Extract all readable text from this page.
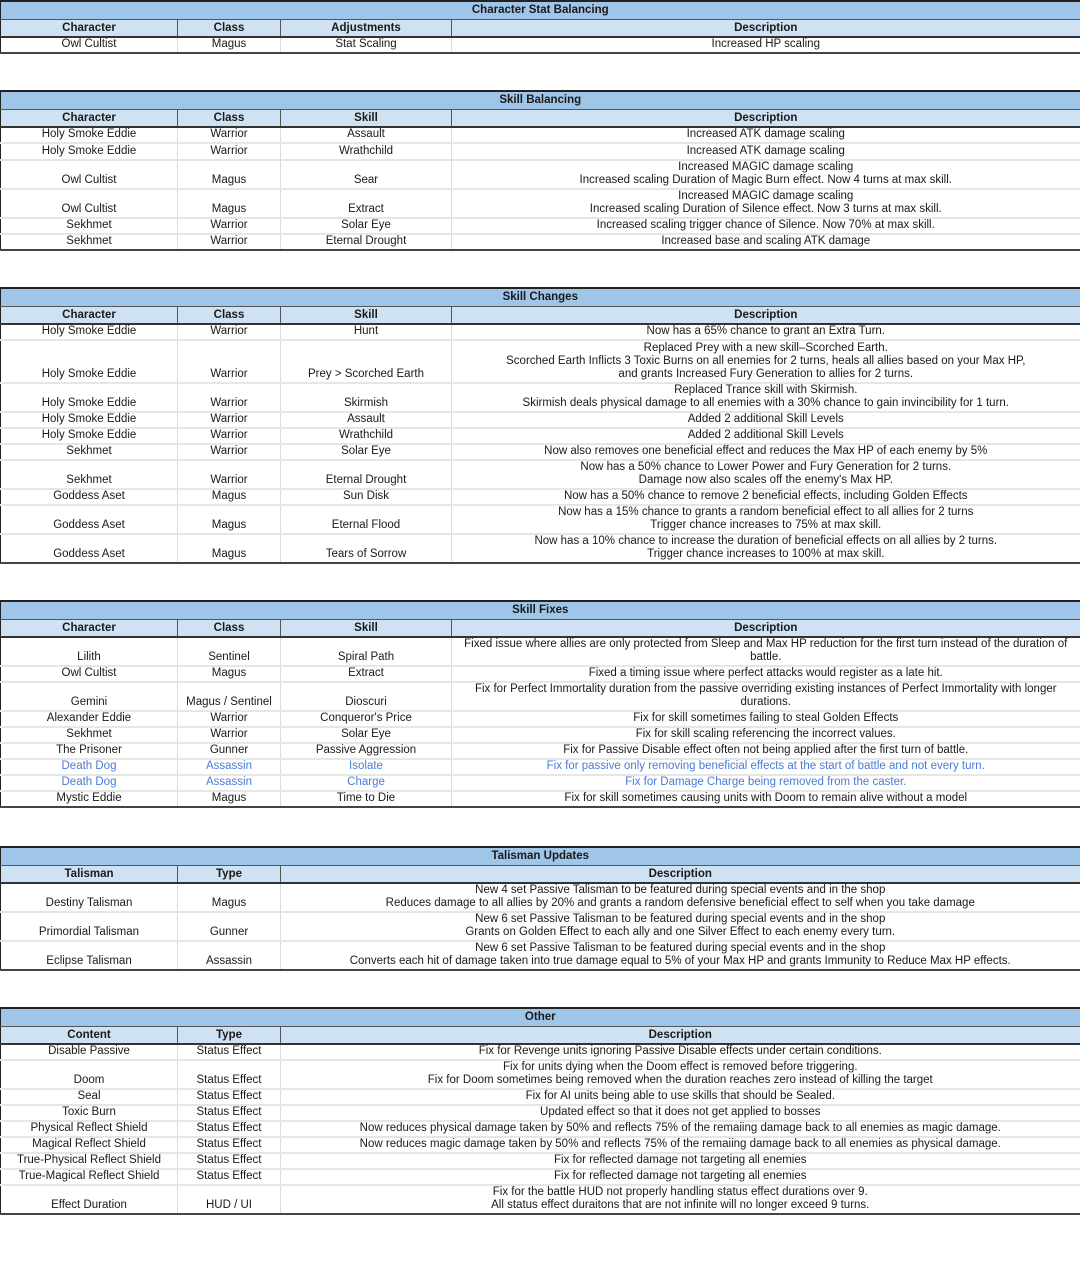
Character Stat Balancing			
Character	Class	Adjustments	Description
Owl Cultist	Magus	Stat Scaling	Increased HP scaling
Skill Balancing			
Character	Class	Skill	Description
Holy Smoke Eddie	Warrior	Assault	Increased ATK damage scaling

Holy Smoke Eddie	Warrior	Wrathchild	Increased ATK damage scaling

Owl Cultist	Magus	Sear	Increased MAGIC damage scaling
Increased scaling Duration of Magic Burn effect. Now 4 turns at max skill.

Owl Cultist	Magus	Extract	Increased MAGIC damage scaling
Increased scaling Duration of Silence effect. Now 3 turns at max skill.

Sekhmet	Warrior	Solar Eye	Increased scaling trigger chance of Silence. Now 70% at max skill.

Sekhmet	Warrior	Eternal Drought	Increased base and scaling ATK damage
Skill Changes			
Character	Class	Skill	Description
Holy Smoke Eddie	Warrior	Hunt	Now has a 65% chance to grant an Extra Turn.

Holy Smoke Eddie	Warrior	Prey > Scorched Earth	Replaced Prey with a new skill–Scorched Earth.
Scorched Earth Inflicts 3 Toxic Burns on all enemies for 2 turns, heals all allies based on your Max HP,
and grants Increased Fury Generation to allies for 2 turns.

Holy Smoke Eddie	Warrior	Skirmish	Replaced Trance skill with Skirmish.
Skirmish deals physical damage to all enemies with a 30% chance to gain invincibility for 1 turn.

Holy Smoke Eddie	Warrior	Assault	Added 2 additional Skill Levels

Holy Smoke Eddie	Warrior	Wrathchild	Added 2 additional Skill Levels

Sekhmet	Warrior	Solar Eye	Now also removes one beneficial effect and reduces the Max HP of each enemy by 5%

Sekhmet	Warrior	Eternal Drought	Now has a 50% chance to Lower Power and Fury Generation for 2 turns.
Damage now also scales off the enemy's Max HP.

Goddess Aset	Magus	Sun Disk	Now has a 50% chance to remove 2 beneficial effects, including Golden Effects

Goddess Aset	Magus	Eternal Flood	Now has a 15% chance to grants a random beneficial effect to all allies for 2 turns
Trigger chance increases to 75% at max skill.

Goddess Aset	Magus	Tears of Sorrow	Now has a 10% chance to increase the duration of beneficial effects on all allies by 2 turns.
Trigger chance increases to 100% at max skill.
Skill Fixes			
Character	Class	Skill	Description
Lilith	Sentinel	Spiral Path	Fixed issue where allies are only protected from Sleep and Max HP reduction for the first turn instead of the duration of battle.

Owl Cultist	Magus	Extract	Fixed a timing issue where perfect attacks would register as a late hit.

Gemini	Magus / Sentinel	Dioscuri	Fix for Perfect Immortality duration from the passive overriding existing instances of Perfect Immortality with longer durations.

Alexander Eddie	Warrior	Conqueror's Price	Fix for skill sometimes failing to steal Golden Effects

Sekhmet	Warrior	Solar Eye	Fix for skill scaling referencing the incorrect values.

The Prisoner	Gunner	Passive Aggression	Fix for Passive Disable effect often not being applied after the first turn of battle.

Death Dog	Assassin	Isolate	Fix for passive only removing beneficial effects at the start of battle and not every turn.

Death Dog	Assassin	Charge	Fix for Damage Charge being removed from the caster.

Mystic Eddie	Magus	Time to Die	Fix for skill sometimes causing units with Doom to remain alive without a model
Talisman Updates		
Talisman	Type	Description
Destiny Talisman	Magus	New 4 set Passive Talisman to be featured during special events and in the shop
Reduces damage to all allies by 20% and grants a random defensive beneficial effect to self when you take damage

Primordial Talisman	Gunner	New 6 set Passive Talisman to be featured during special events and in the shop
Grants on Golden Effect to each ally and one Silver Effect to each enemy every turn.

Eclipse Talisman	Assassin	New 6 set Passive Talisman to be featured during special events and in the shop
Converts each hit of damage taken into true damage equal to 5% of your Max HP and grants Immunity to Reduce Max HP effects.
Other		
Content	Type	Description
Disable Passive	Status Effect	Fix for Revenge units ignoring Passive Disable effects under certain conditions.

Doom	Status Effect	Fix for units dying when the Doom effect is removed before triggering.
Fix for Doom sometimes being removed when the duration reaches zero instead of killing the target

Seal	Status Effect	Fix for AI units being able to use skills that should be Sealed.

Toxic Burn	Status Effect	Updated effect so that it does not get applied to bosses

Physical Reflect Shield	Status Effect	Now reduces physical damage taken by 50% and reflects 75% of the remaiing damage back to all enemies as magic damage.

Magical Reflect Shield	Status Effect	Now reduces magic damage taken by 50% and reflects 75% of the remaiing damage back to all enemies as physical damage.

True-Physical Reflect Shield	Status Effect	Fix for reflected damage not targeting all enemies

True-Magical Reflect Shield	Status Effect	Fix for reflected damage not targeting all enemies

Effect Duration	HUD / UI	Fix for the battle HUD not properly handling status effect durations over 9.
All status effect duraitons that are not infinite will no longer exceed 9 turns.
